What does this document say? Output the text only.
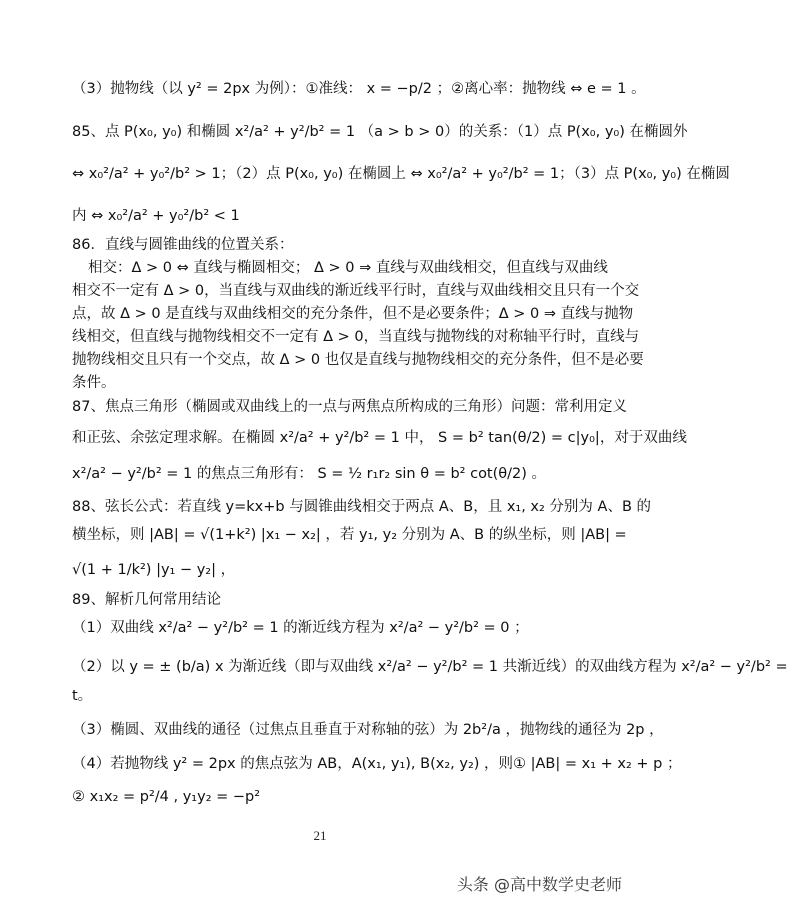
（3）抛物线（以 y² = 2px 为例）：①准线： x = −p/2 ；②离心率：抛物线 ⇔ e = 1 。
85、点 P(x₀, y₀) 和椭圆 x²/a² + y²/b² = 1 （a > b > 0）的关系：（1）点 P(x₀, y₀) 在椭圆外
⇔ x₀²/a² + y₀²/b² > 1；（2）点 P(x₀, y₀) 在椭圆上 ⇔ x₀²/a² + y₀²/b² = 1；（3）点 P(x₀, y₀) 在椭圆
内 ⇔ x₀²/a² + y₀²/b² < 1
86．直线与圆锥曲线的位置关系：
相交：Δ > 0 ⇔ 直线与椭圆相交； Δ > 0 ⇒ 直线与双曲线相交，但直线与双曲线
相交不一定有 Δ > 0，当直线与双曲线的渐近线平行时，直线与双曲线相交且只有一个交
点，故 Δ > 0 是直线与双曲线相交的充分条件，但不是必要条件；Δ > 0 ⇒ 直线与抛物
线相交，但直线与抛物线相交不一定有 Δ > 0，当直线与抛物线的对称轴平行时，直线与
抛物线相交且只有一个交点，故 Δ > 0 也仅是直线与抛物线相交的充分条件，但不是必要
条件。
87、焦点三角形（椭圆或双曲线上的一点与两焦点所构成的三角形）问题：常利用定义
和正弦、余弦定理求解。在椭圆 x²/a² + y²/b² = 1 中， S = b² tan(θ/2) = c|y₀|，对于双曲线
x²/a² − y²/b² = 1 的焦点三角形有： S = ½ r₁r₂ sin θ = b² cot(θ/2) 。
88、弦长公式：若直线 y=kx+b 与圆锥曲线相交于两点 A、B，且 x₁, x₂ 分别为 A、B 的
横坐标，则 |AB| = √(1+k²) |x₁ − x₂| ，若 y₁, y₂ 分别为 A、B 的纵坐标，则 |AB| =
√(1 + 1/k²) |y₁ − y₂| ，
89、解析几何常用结论
（1）双曲线 x²/a² − y²/b² = 1 的渐近线方程为 x²/a² − y²/b² = 0 ；
（2）以 y = ± (b/a) x 为渐近线（即与双曲线 x²/a² − y²/b² = 1 共渐近线）的双曲线方程为 x²/a² − y²/b² =
t。
（3）椭圆、双曲线的通径（过焦点且垂直于对称轴的弦）为 2b²/a ，抛物线的通径为 2p ，
（4）若抛物线 y² = 2px 的焦点弦为 AB，A(x₁, y₁), B(x₂, y₂) ，则① |AB| = x₁ + x₂ + p ；
② x₁x₂ = p²/4 , y₁y₂ = −p²
21
头条 @高中数学史老师
